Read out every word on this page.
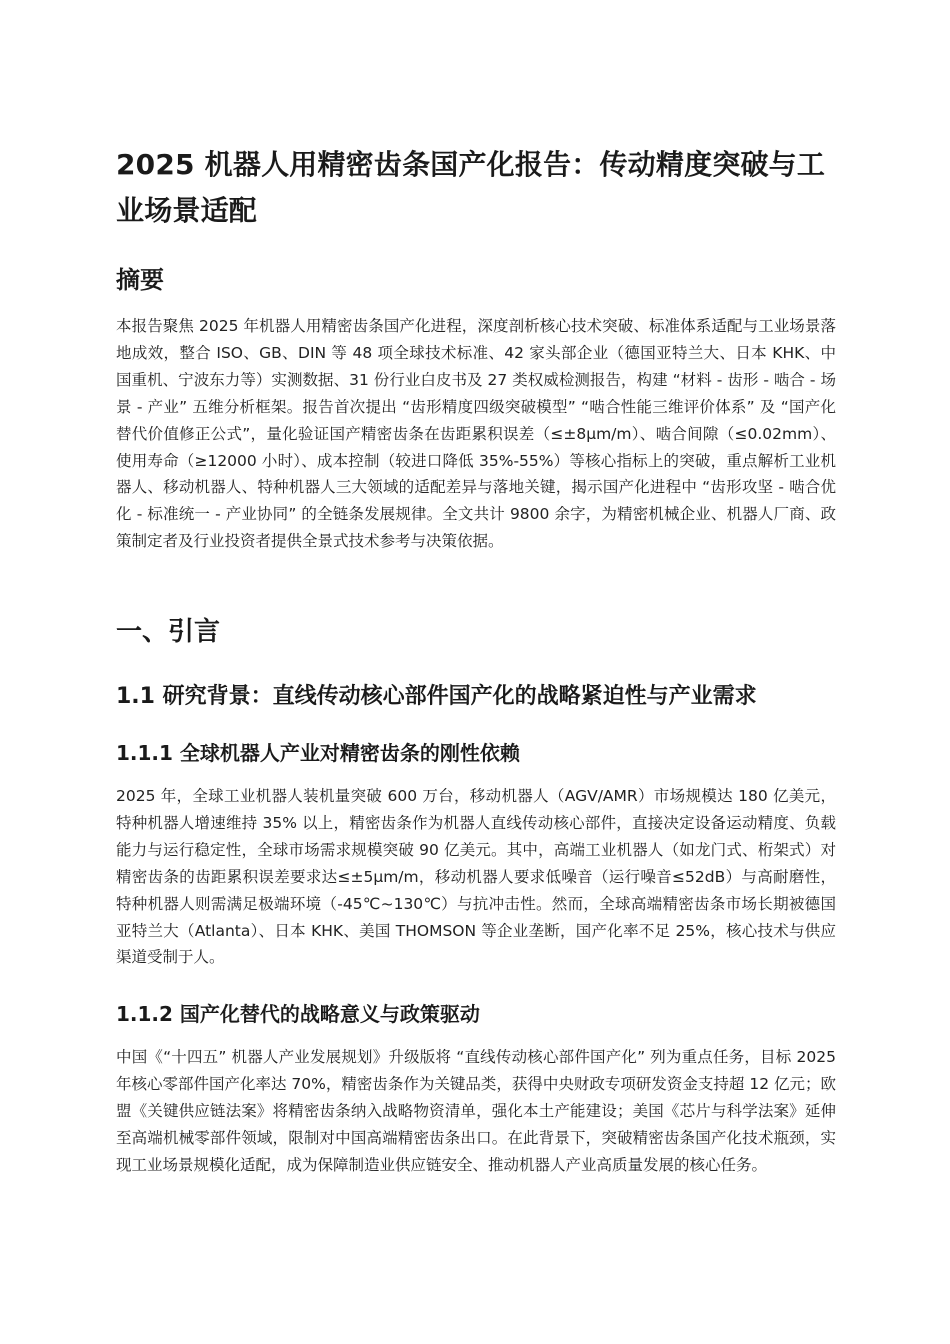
2025 机器人用精密齿条国产化报告：传动精度突破与工业场景适配
摘要

本报告聚焦 2025 年机器人用精密齿条国产化进程，深度剖析核心技术突破、标准体系适配与工业场景落地成效，整合 ISO、GB、DIN 等 48 项全球技术标准、42 家头部企业（德国亚特兰大、日本 KHK、中国重机、宁波东力等）实测数据、31 份行业白皮书及 27 类权威检测报告，构建 “材料 - 齿形 - 啮合 - 场景 - 产业” 五维分析框架。报告首次提出 “齿形精度四级突破模型” “啮合性能三维评价体系” 及 “国产化替代价值修正公式”，量化验证国产精密齿条在齿距累积误差（≤±8μm/m）、啮合间隙（≤0.02mm）、使用寿命（≥12000 小时）、成本控制（较进口降低 35%-55%）等核心指标上的突破，重点解析工业机器人、移动机器人、特种机器人三大领域的适配差异与落地关键，揭示国产化进程中 “齿形攻坚 - 啮合优化 - 标准统一 - 产业协同” 的全链条发展规律。全文共计 9800 余字，为精密机械企业、机器人厂商、政策制定者及行业投资者提供全景式技术参考与决策依据。

一、引言
1.1 研究背景：直线传动核心部件国产化的战略紧迫性与产业需求
1.1.1 全球机器人产业对精密齿条的刚性依赖

2025 年，全球工业机器人装机量突破 600 万台，移动机器人（AGV/AMR）市场规模达 180 亿美元，特种机器人增速维持 35% 以上，精密齿条作为机器人直线传动核心部件，直接决定设备运动精度、负载能力与运行稳定性，全球市场需求规模突破 90 亿美元。其中，高端工业机器人（如龙门式、桁架式）对精密齿条的齿距累积误差要求达≤±5μm/m，移动机器人要求低噪音（运行噪音≤52dB）与高耐磨性，特种机器人则需满足极端环境（-45℃~130℃）与抗冲击性。然而，全球高端精密齿条市场长期被德国亚特兰大（Atlanta）、日本 KHK、美国 THOMSON 等企业垄断，国产化率不足 25%，核心技术与供应渠道受制于人。

1.1.2 国产化替代的战略意义与政策驱动

中国《“十四五” 机器人产业发展规划》升级版将 “直线传动核心部件国产化” 列为重点任务，目标 2025 年核心零部件国产化率达 70%，精密齿条作为关键品类，获得中央财政专项研发资金支持超 12 亿元；欧盟《关键供应链法案》将精密齿条纳入战略物资清单，强化本土产能建设；美国《芯片与科学法案》延伸至高端机械零部件领域，限制对中国高端精密齿条出口。在此背景下，突破精密齿条国产化技术瓶颈，实现工业场景规模化适配，成为保障制造业供应链安全、推动机器人产业高质量发展的核心任务。
